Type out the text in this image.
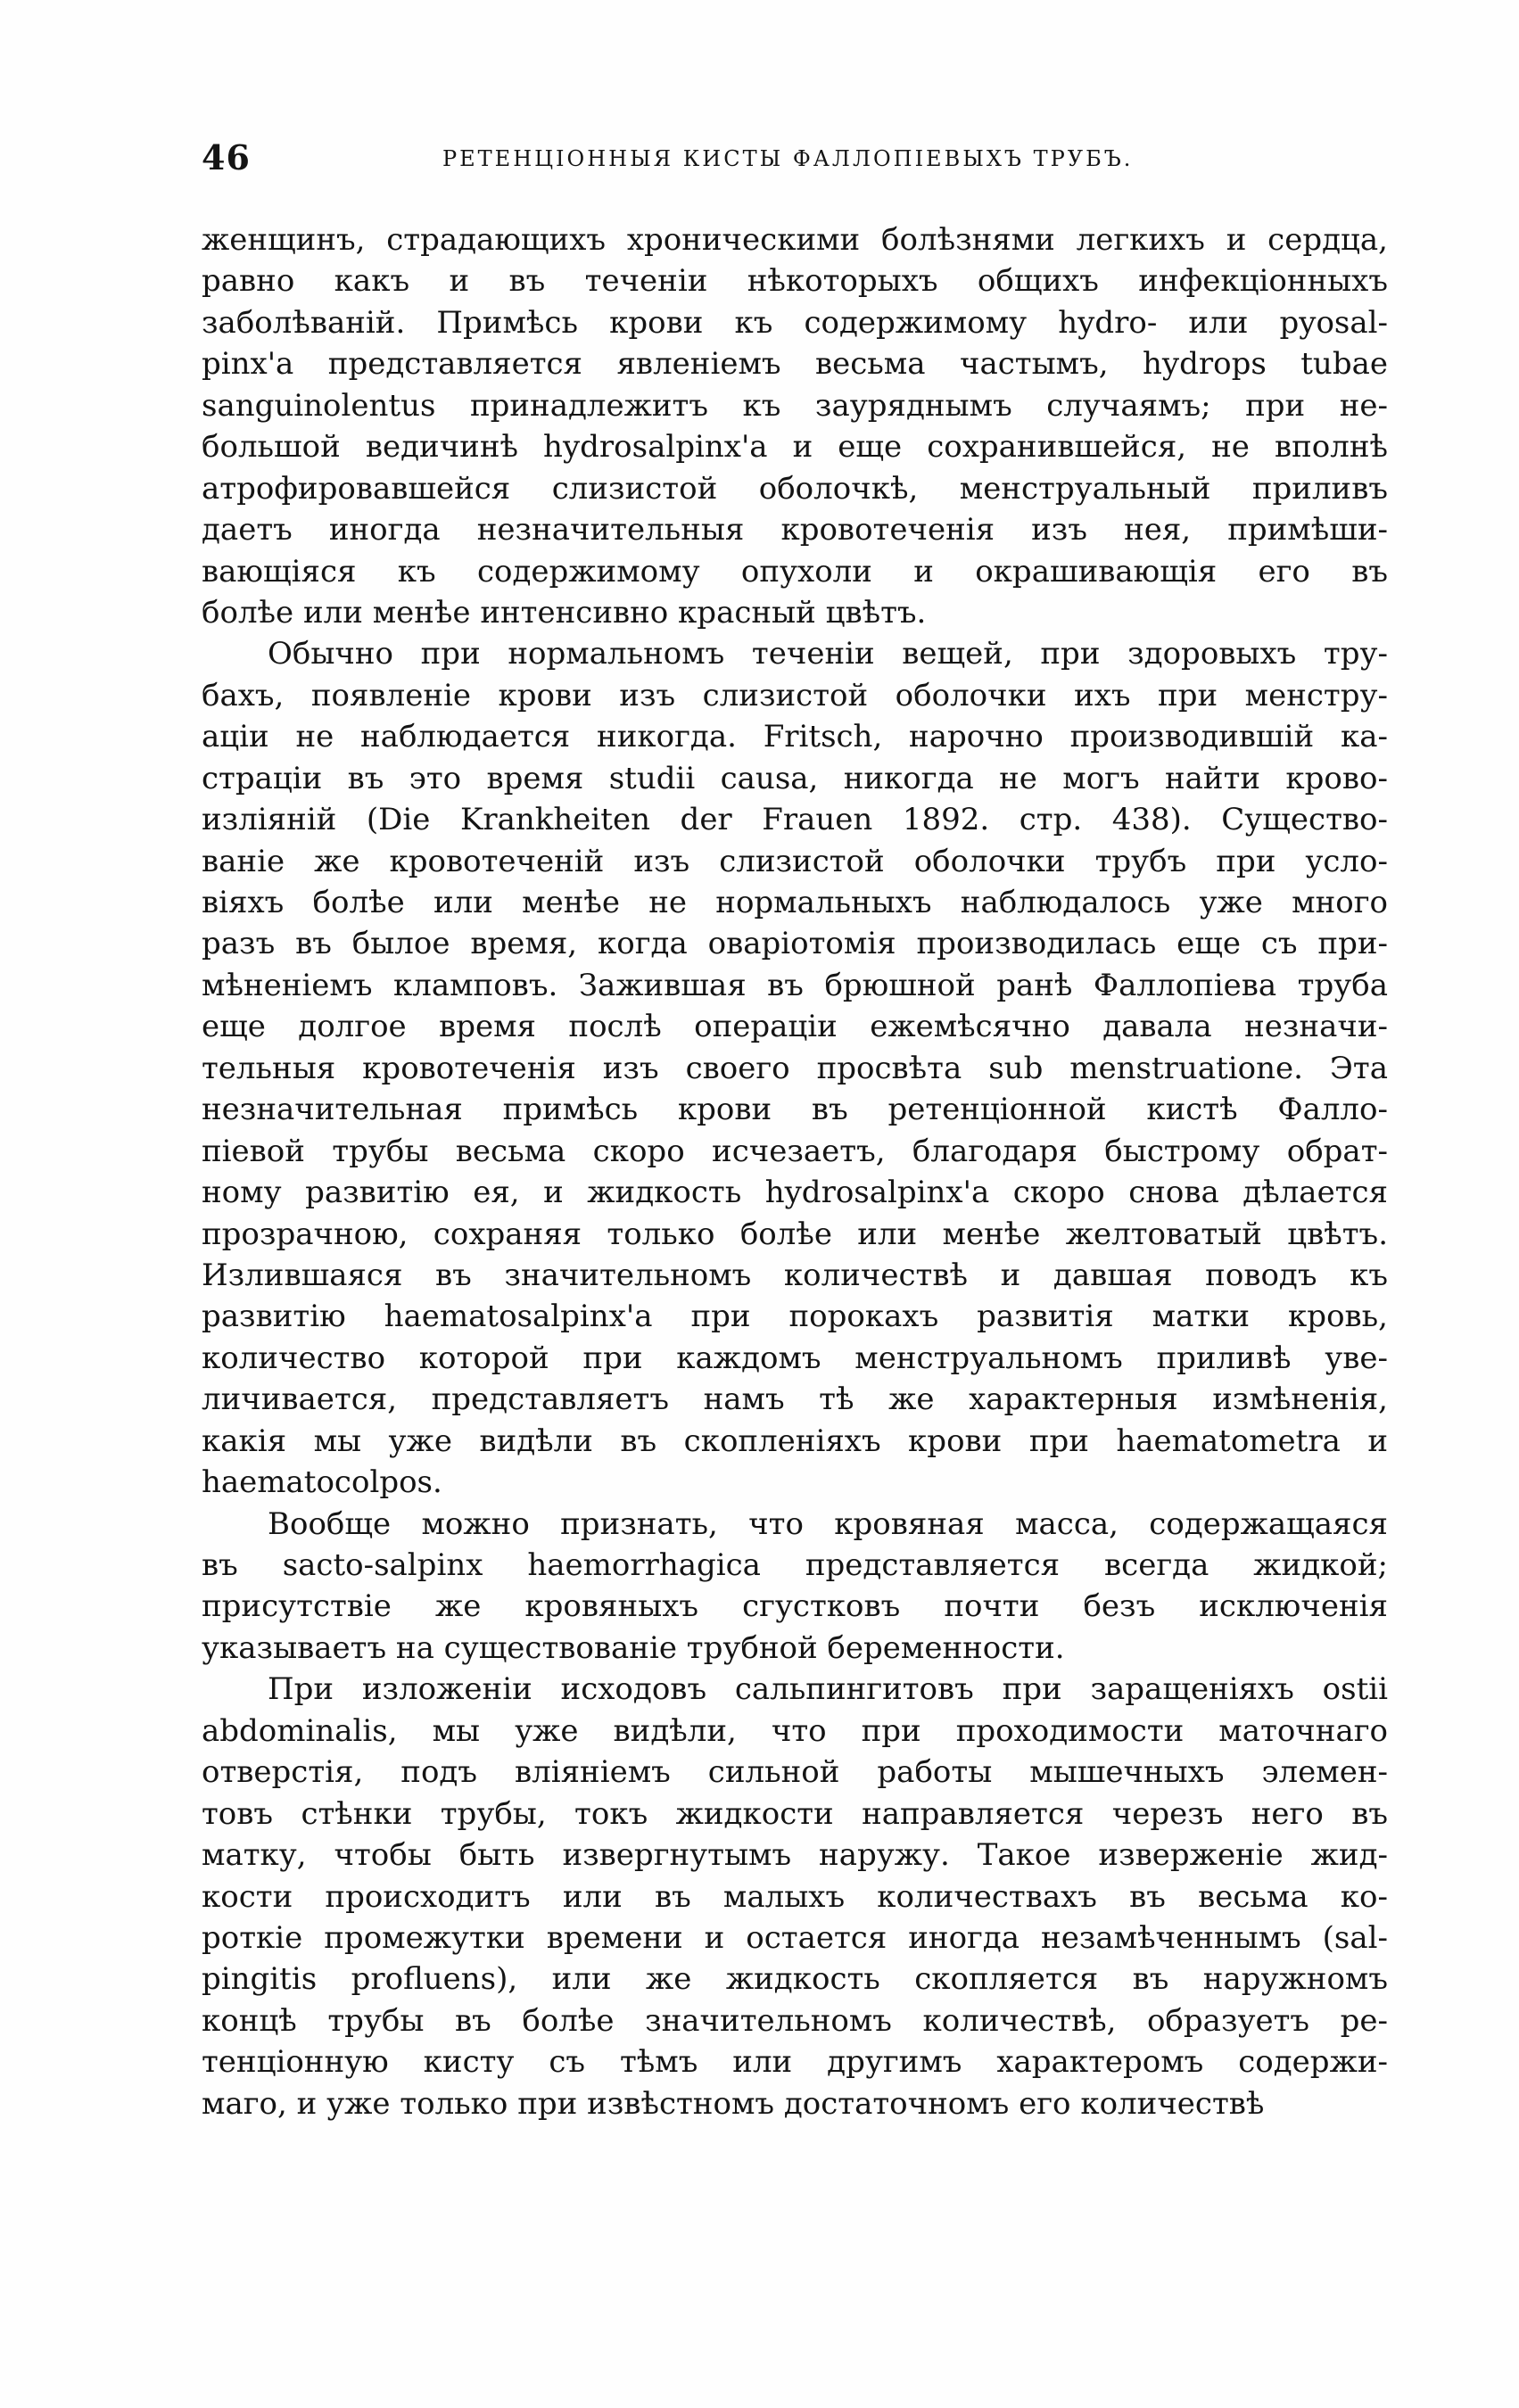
46	РЕТЕНЦІОННЫЯ КИСТЫ ФАЛЛОПІЕВЫХЪ ТРУБЪ.
женщинъ, страдающихъ хроническими болѣзнями легкихъ и сердца,
равно какъ и въ теченіи нѣкоторыхъ общихъ инфекціонныхъ
заболѣваній. Примѣсь крови къ содержимому hydro- или pyosal-
pinx'а представляется явленіемъ весьма частымъ, hydrops tubae
sanguinolentus принадлежитъ къ зауряднымъ случаямъ; при не-
большой ведичинѣ hydrosalpinx'а и еще сохранившейся, не вполнѣ
атрофировавшейся слизистой оболочкѣ, менструальный приливъ
даетъ иногда незначительныя кровотеченія изъ нея, примѣши-
вающіяся къ содержимому опухоли и окрашивающія его въ
болѣе или менѣе интенсивно красный цвѣтъ.
Обычно при нормальномъ теченіи вещей, при здоровыхъ тру-
бахъ, появленіе крови изъ слизистой оболочки ихъ при менстру-
аціи не наблюдается никогда. Fritsch, нарочно производившій ка-
страціи въ это время studii causa, никогда не могъ найти крово-
изліяній (Die Krankheiten der Frauen 1892. стр. 438). Существо-
ваніе же кровотеченій изъ слизистой оболочки трубъ при усло-
віяхъ болѣе или менѣе не нормальныхъ наблюдалось уже много
разъ въ былое время, когда оваріотомія производилась еще съ при-
мѣненіемъ кламповъ. Зажившая въ брюшной ранѣ Фаллопіева труба
еще долгое время послѣ операціи ежемѣсячно давала незначи-
тельныя кровотеченія изъ своего просвѣта sub menstruatione. Эта
незначительная примѣсь крови въ ретенціонной кистѣ Фалло-
піевой трубы весьма скоро исчезаетъ, благодаря быстрому обрат-
ному развитію ея, и жидкость hydrosalpinx'а скоро снова дѣлается
прозрачною, сохраняя только болѣе или менѣе желтоватый цвѣтъ.
Излившаяся въ значительномъ количествѣ и давшая поводъ къ
развитію haematosalpinx'а при порокахъ развитія матки кровь,
количество которой при каждомъ менструальномъ приливѣ уве-
личивается, представляетъ намъ тѣ же характерныя измѣненія,
какія мы уже видѣли въ скопленіяхъ крови при haematometra и
haematocolpos.
Вообще можно признать, что кровяная масса, содержащаяся
въ sacto-salpinx haemorrhagica представляется всегда жидкой;
присутствіе же кровяныхъ сгустковъ почти безъ исключенія
указываетъ на существованіе трубной беременности.
При изложеніи исходовъ сальпингитовъ при заращеніяхъ ostii
abdominalis, мы уже видѣли, что при проходимости маточнаго
отверстія, подъ вліяніемъ сильной работы мышечныхъ элемен-
товъ стѣнки трубы, токъ жидкости направляется черезъ него въ
матку, чтобы быть извергнутымъ наружу. Такое изверженіе жид-
кости происходитъ или въ малыхъ количествахъ въ весьма ко-
роткіе промежутки времени и остается иногда незамѣченнымъ (sal-
pingitis profluens), или же жидкость скопляется въ наружномъ
концѣ трубы въ болѣе значительномъ количествѣ, образуетъ ре-
тенціонную кисту съ тѣмъ или другимъ характеромъ содержи-
маго, и уже только при извѣстномъ достаточномъ его количествѣ
